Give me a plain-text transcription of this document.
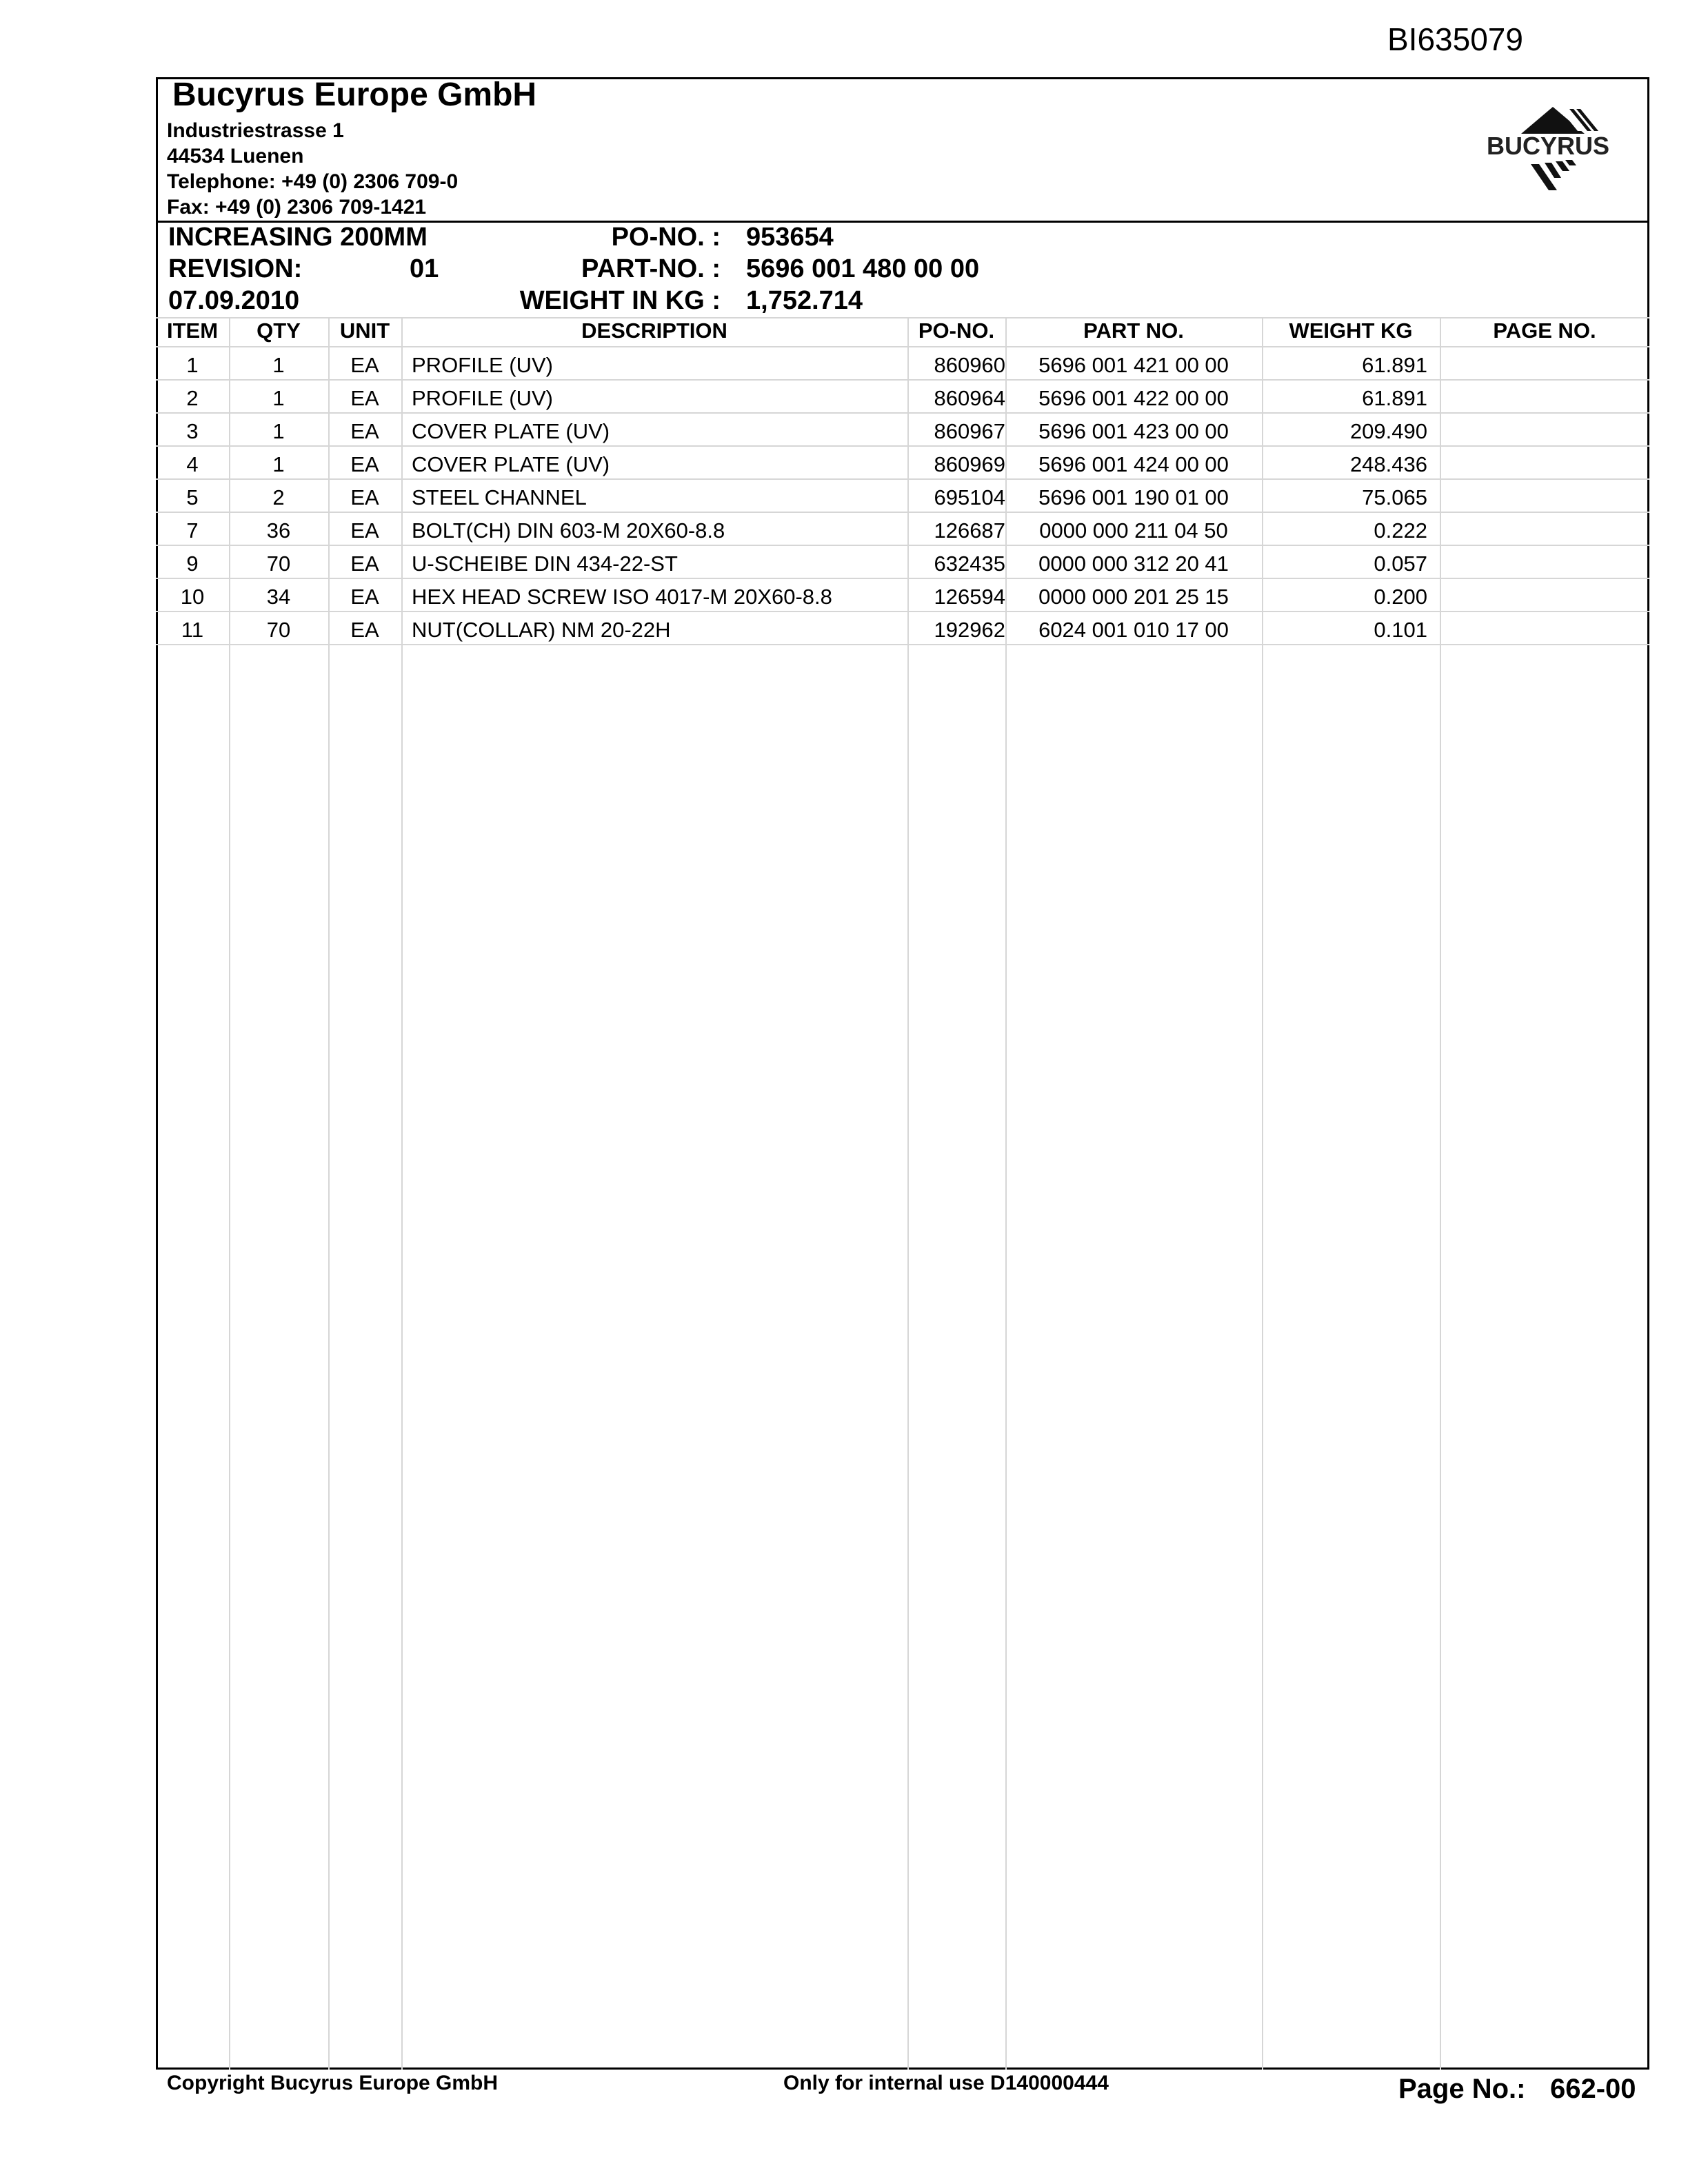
BI635079
Bucyrus Europe GmbH
Industriestrasse 1
44534 Luenen
Telephone: +49 (0) 2306 709-0
Fax: +49 (0) 2306 709-1421
BUCYRUS
INCREASING 200MM
REVISION:	01
07.09.2010
PO-NO. : 953654
PART-NO. : 5696 001 480 00 00
WEIGHT IN KG : 1,752.714
ITEM	QTY	UNIT	DESCRIPTION	PO-NO.	PART NO.	WEIGHT KG	PAGE NO.
1	1	EA	PROFILE (UV)	860960	5696 001 421 00 00	61.891
2	1	EA	PROFILE (UV)	860964	5696 001 422 00 00	61.891
3	1	EA	COVER PLATE (UV)	860967	5696 001 423 00 00	209.490
4	1	EA	COVER PLATE (UV)	860969	5696 001 424 00 00	248.436
5	2	EA	STEEL CHANNEL	695104	5696 001 190 01 00	75.065
7	36	EA	BOLT(CH) DIN 603-M 20X60-8.8	126687	0000 000 211 04 50	0.222
9	70	EA	U-SCHEIBE DIN 434-22-ST	632435	0000 000 312 20 41	0.057
10	34	EA	HEX HEAD SCREW ISO 4017-M 20X60-8.8	126594	0000 000 201 25 15	0.200
11	70	EA	NUT(COLLAR) NM 20-22H	192962	6024 001 010 17 00	0.101
Copyright Bucyrus Europe GmbH	Only for internal use D140000444	Page No.: 662-00
